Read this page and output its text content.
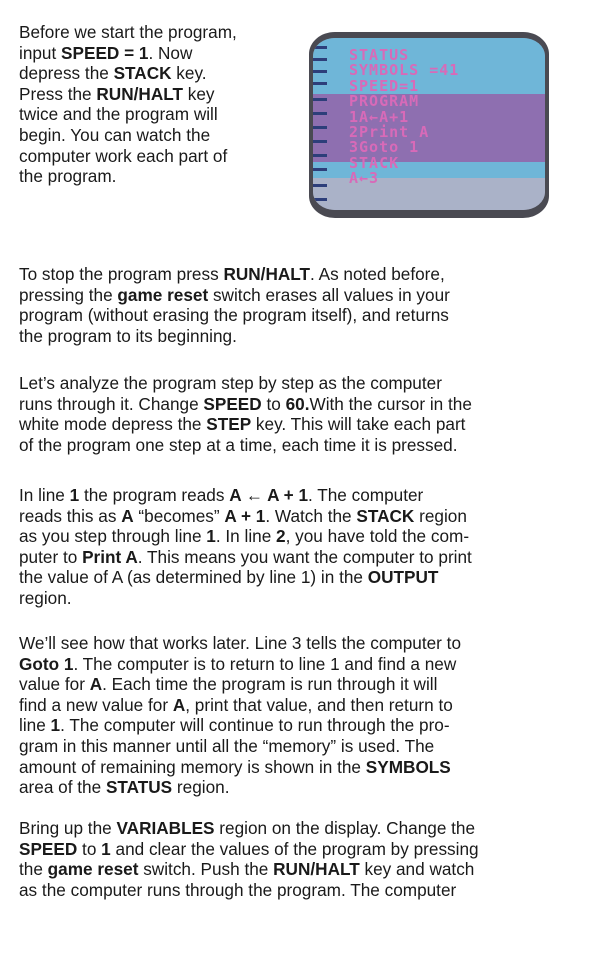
Before we start the program,
input SPEED = 1. Now
depress the STACK key.
Press the RUN/HALT key
twice and the program will
begin. You can watch the
computer work each part of
the program.
STATUS
SYMBOLS =41
SPEED=1
PROGRAM
1A←A+1
2Print A
3Goto 1
STACK
A←3
To stop the program press RUN/HALT. As noted before,
pressing the game reset switch erases all values in your
program (without erasing the program itself), and returns
the program to its beginning.
Let’s analyze the program step by step as the computer
runs through it. Change SPEED to 60.With the cursor in the
white mode depress the STEP key. This will take each part
of the program one step at a time, each time it is pressed.
In line 1 the program reads A ← A + 1. The computer
reads this as A “becomes” A + 1. Watch the STACK region
as you step through line 1. In line 2, you have told the com-
puter to Print A. This means you want the computer to print
the value of A (as determined by line 1) in the OUTPUT
region.
We’ll see how that works later. Line 3 tells the computer to
Goto 1. The computer is to return to line 1 and find a new
value for A. Each time the program is run through it will
find a new value for A, print that value, and then return to
line 1. The computer will continue to run through the pro-
gram in this manner until all the “memory” is used. The
amount of remaining memory is shown in the SYMBOLS
area of the STATUS region.
Bring up the VARIABLES region on the display. Change the
SPEED to 1 and clear the values of the program by pressing
the game reset switch. Push the RUN/HALT key and watch
as the computer runs through the program. The computer
